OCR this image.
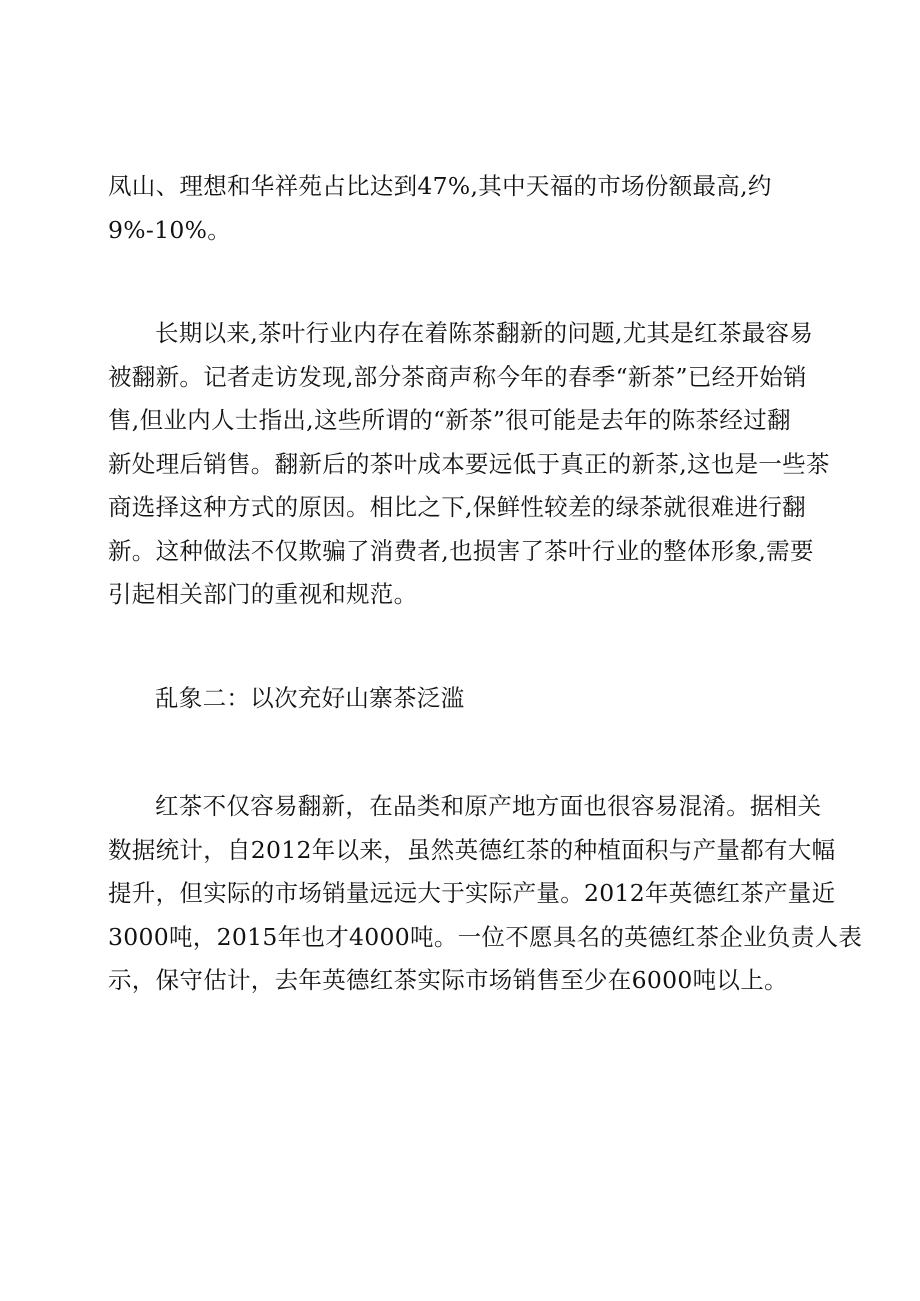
凤山、理想和华祥苑占比达到47%,其中天福的市场份额最高,约
9%-10%。
长期以来,茶叶行业内存在着陈茶翻新的问题,尤其是红茶最容易
被翻新。记者走访发现,部分茶商声称今年的春季“新茶”已经开始销
售,但业内人士指出,这些所谓的“新茶”很可能是去年的陈茶经过翻
新处理后销售。翻新后的茶叶成本要远低于真正的新茶,这也是一些茶
商选择这种方式的原因。相比之下,保鲜性较差的绿茶就很难进行翻
新。这种做法不仅欺骗了消费者,也损害了茶叶行业的整体形象,需要
引起相关部门的重视和规范。
乱象二：以次充好山寨茶泛滥
红茶不仅容易翻新，在品类和原产地方面也很容易混淆。据相关
数据统计，自2012年以来，虽然英德红茶的种植面积与产量都有大幅
提升，但实际的市场销量远远大于实际产量。2012年英德红茶产量近
3000吨，2015年也才4000吨。一位不愿具名的英德红茶企业负责人表
示，保守估计，去年英德红茶实际市场销售至少在6000吨以上。
